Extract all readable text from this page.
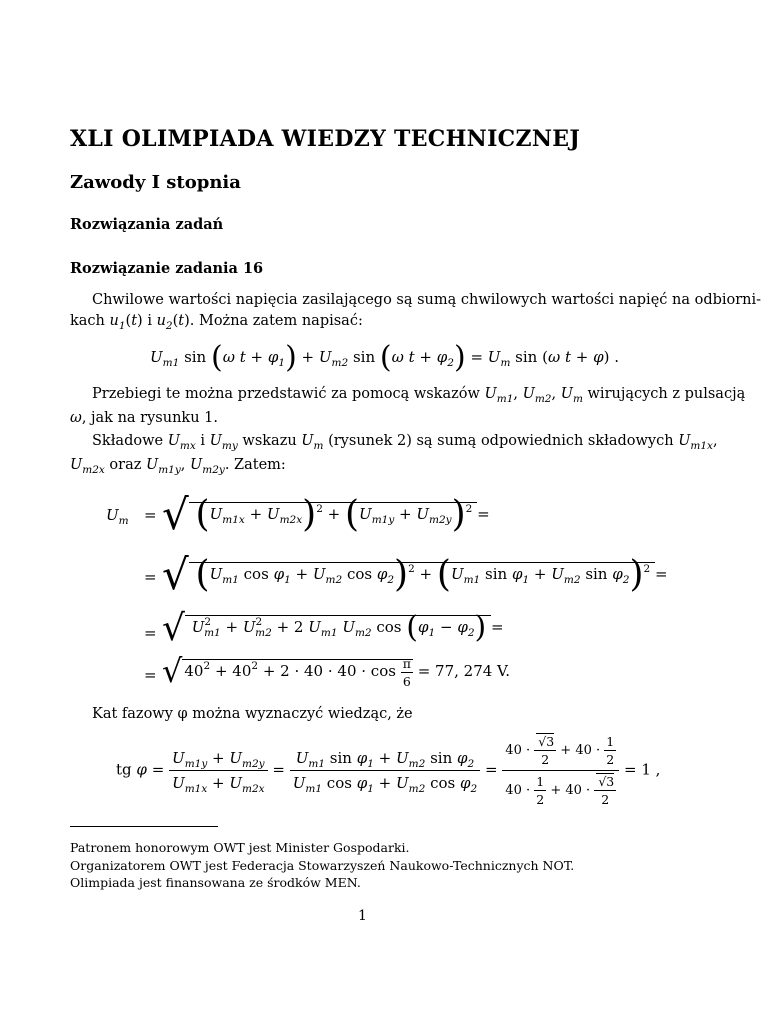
XLI OLIMPIADA WIEDZY TECHNICZNEJ
Zawody I stopnia
Rozwiązania zadań
Rozwiązanie zadania 16
Chwilowe wartości napięcia zasilającego są sumą chwilowych wartości napięć na odbiorni-
kach $u_1(t)$ i $u_2(t)$. Można zatem napisać:
$U_{m1}$ sin (ω $t + \varphi_1) + U_{m2}$ sin (ω $t + \varphi_2) = U_m$ sin (ω t + φ) .
Przebiegi te można przedstawić za pomocą wskazów $U_{m1}$, $U_{m2}$, $U_m$ wirujących z pulsacją
ω, jak na rysunku 1.
Składowe $U_{mx}$ i $U_{my}$ wskazu $U_m$ (rysunek 2) są sumą odpowiednich składowych $U_{m1x}$,
$U_{m2x}$ oraz $U_{m1y}$, $U_{m2y}$. Zatem:
$U_m$ = √ $(U_{m1x} + U_{m2x})^2 + (U_{m1y} + U_{m2y})^2$ =
= √ ($U_{m1}$ $\cos \varphi_1 + U_{m2}$ $\cos \varphi_2)^2 + (U_{m1}$ $\sin \varphi_1 + U_{m2}$ $\sin \varphi_2)^2$ =
= √ $U^2_{m1} + U^2_{m2} + 2$ $U_{m1}$ $U_{m2}$ $\cos (\varphi_1 - \varphi_2)$ =
= √ $40^2 + 40^2 + 2 \cdot 40 \cdot 40 \cdot \cos \frac{\pi}{6} = 77$, 274 V.
Kat fazowy φ można wyznaczyć wiedząc, że
tg $\varphi = \frac{U_{m1y} + U_{m2y}}{U_{m1x} + U_{m2x}} = \frac{U_{m1} \sin \varphi_1 + U_{m2} \sin \varphi_2}{U_{m1} \cos \varphi_1 + U_{m2} \cos \varphi_2} = \frac{40 \cdot \frac{√3}{2} + 40 \cdot \frac{1}{2}}{40 \cdot \frac{1}{2} + 40 \cdot \frac{√3}{2}} = 1$ ,
Patronem honorowym OWT jest Minister Gospodarki.
Organizatorem OWT jest Federacja Stowarzyszeń Naukowo-Technicznych NOT.
Olimpiada jest finansowana ze środków MEN.
1
